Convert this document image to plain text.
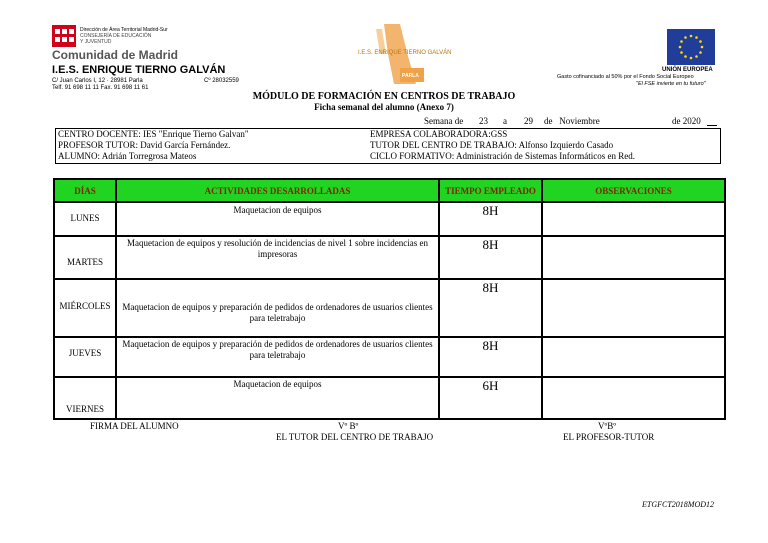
Dirección de Área Territorial Madrid-Sur
CONSEJERÍA DE EDUCACIÓN
Y JUVENTUD
Comunidad de Madrid
I.E.S. ENRIQUE TIERNO GALVÁN
C/ Juan Carlos I, 12 · 28981 Parla	Cº 28032559
Telf. 91 698 11 11 Fax. 91 698 11 61
I.E.S. ENRIQUE TIERNO GALVÁN
PARLA
UNIÓN EUROPEA
Gasto cofinanciado al 50% por el Fondo Social Europeo
"El FSE invierte en tu futuro"
MÓDULO DE FORMACIÓN EN CENTROS DE TRABAJO
Ficha semanal del alumno (Anexo 7)
Semana de 23 a 29 de   Noviembre	de 2020
CENTRO DOCENTE: IES "Enrique Tierno Galvan"
PROFESOR TUTOR: David García Fernández.
ALUMNO: Adrián Torregrosa Mateos
EMPRESA COLABORADORA:GSS
TUTOR DEL CENTRO DE TRABAJO: Alfonso Izquierdo Casado
CICLO FORMATIVO: Administración de Sistemas Informáticos en Red.
DÍAS	ACTIVIDADES DESARROLLADAS	TIEMPO EMPLEADO	OBSERVACIONES

LUNES	Maquetacion de equipos	8H	

MARTES	Maquetacion de equipos y resolución de incidencias de nivel 1 sobre incidencias en impresoras	8H	

MIÉRCOLES	Maquetacion de equipos y preparación de pedidos de ordenadores de usuarios clientes para teletrabajo	8H	

JUEVES	Maquetacion de equipos y preparación de pedidos de ordenadores de usuarios clientes para teletrabajo	8H	

VIERNES	Maquetacion de equipos	6H	

FIRMA DEL ALUMNO	Vº Bº
EL TUTOR DEL CENTRO DE TRABAJO
VºBº
EL PROFESOR-TUTOR
ETGFCT2018MOD12
